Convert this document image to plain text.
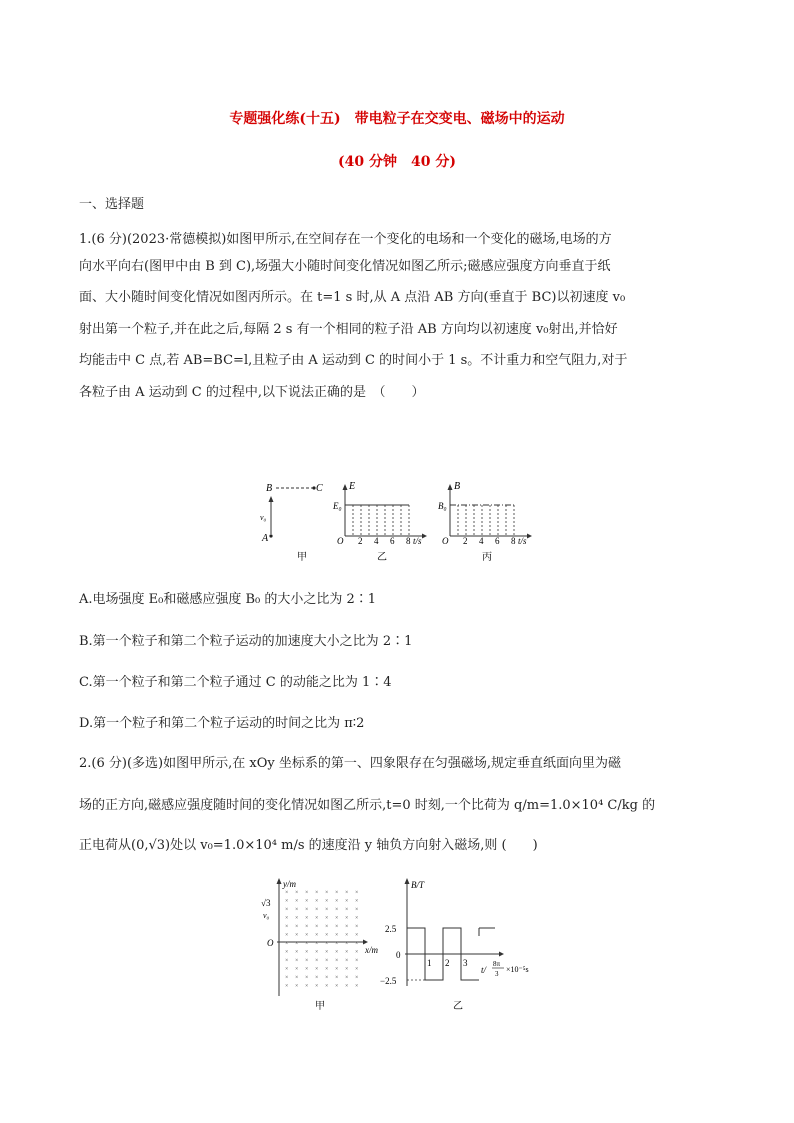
专题强化练(十五)　带电粒子在交变电、磁场中的运动
(40 分钟　40 分)
一、选择题
1.(6 分)(2023·常德模拟)如图甲所示,在空间存在一个变化的电场和一个变化的磁场,电场的方
向水平向右(图甲中由 B 到 C),场强大小随时间变化情况如图乙所示;磁感应强度方向垂直于纸
面、大小随时间变化情况如图丙所示。在 t=1 s 时,从 A 点沿 AB 方向(垂直于 BC)以初速度 v₀
射出第一个粒子,并在此之后,每隔 2 s 有一个相同的粒子沿 AB 方向均以初速度 v₀射出,并恰好
均能击中 C 点,若 AB=BC=l,且粒子由 A 运动到 C 的时间小于 1 s。不计重力和空气阻力,对于
各粒子由 A 运动到 C 的过程中,以下说法正确的是　（　　）
B	C
v₀
A
甲
E
E₀
O 2 4 6 8 t/s
乙
B
B₀
O 2 4 6 8 t/s
丙
A.电场强度 E₀和磁感应强度 B₀ 的大小之比为 2∶1
B.第一个粒子和第二个粒子运动的加速度大小之比为 2∶1
C.第一个粒子和第二个粒子通过 C 的动能之比为 1∶4
D.第一个粒子和第二个粒子运动的时间之比为 π∶2
2.(6 分)(多选)如图甲所示,在 xOy 坐标系的第一、四象限存在匀强磁场,规定垂直纸面向里为磁
场的正方向,磁感应强度随时间的变化情况如图乙所示,t=0 时刻,一个比荷为 q/m=1.0×10⁴ C/kg 的
正电荷从(0,√3)处以 v₀=1.0×10⁴ m/s 的速度沿 y 轴负方向射入磁场,则 (　　)
y/m
x/m
√3
v₀
O
× × × × × × × ×
× × × × × × × ×
× × × × × × × ×
× × × × × × × ×
× × × × × × × ×
× × × × × × × ×
× × × × × × × ×
× × × × × × × ×
× × × × × × × ×
× × × × × × × ×
× × × × × × × ×
× × × × × × × ×
甲
B/T
2.5
0
−2.5
1 2 3
t/
8π
3 ×10⁻⁵s
乙
